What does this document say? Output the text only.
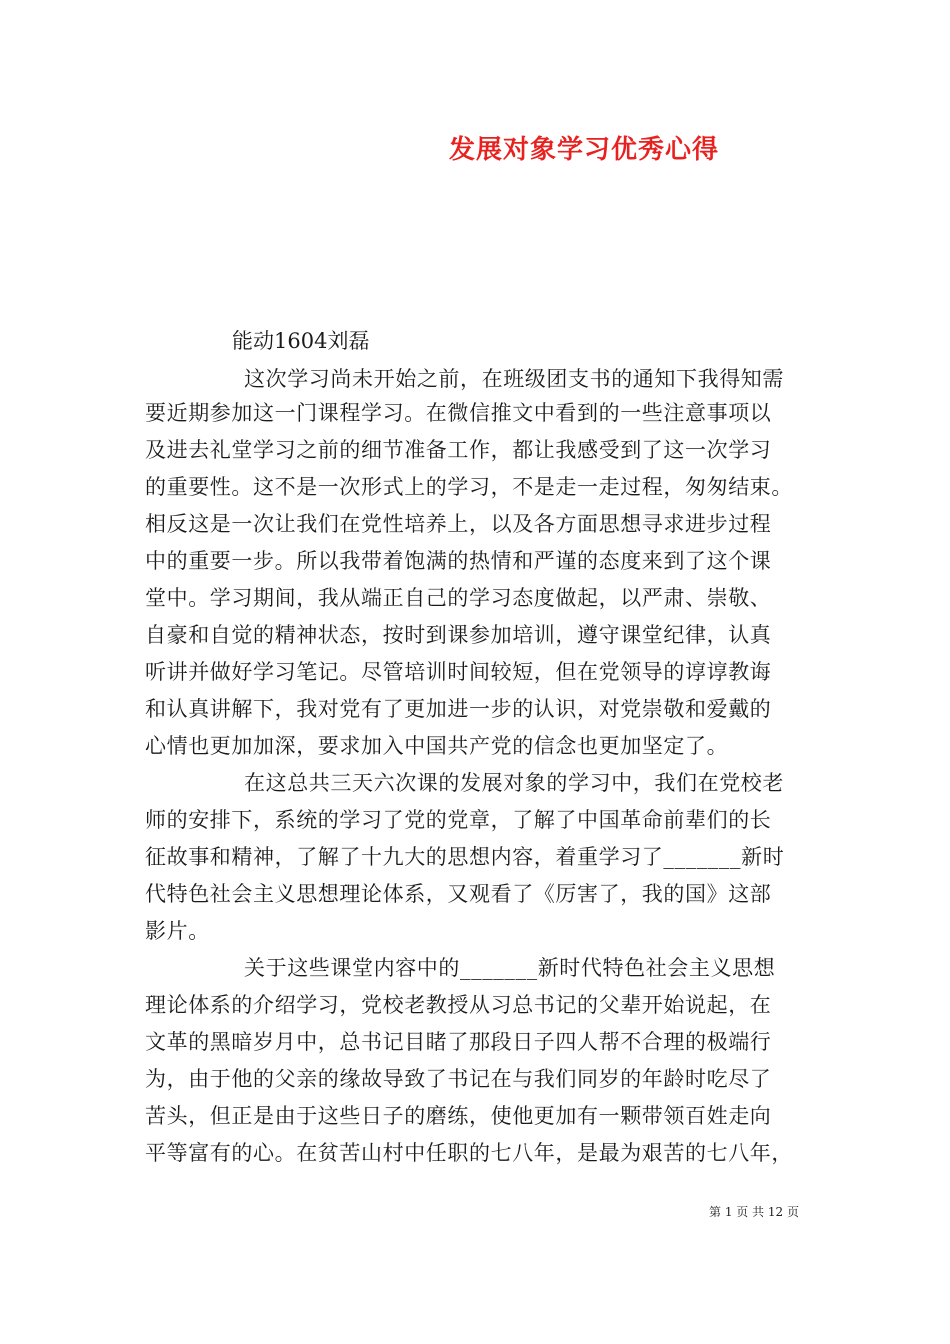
发展对象学习优秀心得
能动1604刘磊
这次学习尚未开始之前，在班级团支书的通知下我得知需
要近期参加这一门课程学习。在微信推文中看到的一些注意事项以
及进去礼堂学习之前的细节准备工作，都让我感受到了这一次学习
的重要性。这不是一次形式上的学习，不是走一走过程，匆匆结束。
相反这是一次让我们在党性培养上，以及各方面思想寻求进步过程
中的重要一步。所以我带着饱满的热情和严谨的态度来到了这个课
堂中。学习期间，我从端正自己的学习态度做起，以严肃、崇敬、
自豪和自觉的精神状态，按时到课参加培训，遵守课堂纪律，认真
听讲并做好学习笔记。尽管培训时间较短，但在党领导的谆谆教诲
和认真讲解下，我对党有了更加进一步的认识，对党崇敬和爱戴的
心情也更加加深，要求加入中国共产党的信念也更加坚定了。
在这总共三天六次课的发展对象的学习中，我们在党校老
师的安排下，系统的学习了党的党章，了解了中国革命前辈们的长
征故事和精神，了解了十九大的思想内容，着重学习了_______新时
代特色社会主义思想理论体系，又观看了《厉害了，我的国》这部
影片。
关于这些课堂内容中的_______新时代特色社会主义思想
理论体系的介绍学习，党校老教授从习总书记的父辈开始说起，在
文革的黑暗岁月中，总书记目睹了那段日子四人帮不合理的极端行
为，由于他的父亲的缘故导致了书记在与我们同岁的年龄时吃尽了
苦头，但正是由于这些日子的磨练，使他更加有一颗带领百姓走向
平等富有的心。在贫苦山村中任职的七八年，是最为艰苦的七八年，
第 1 页 共 12 页
